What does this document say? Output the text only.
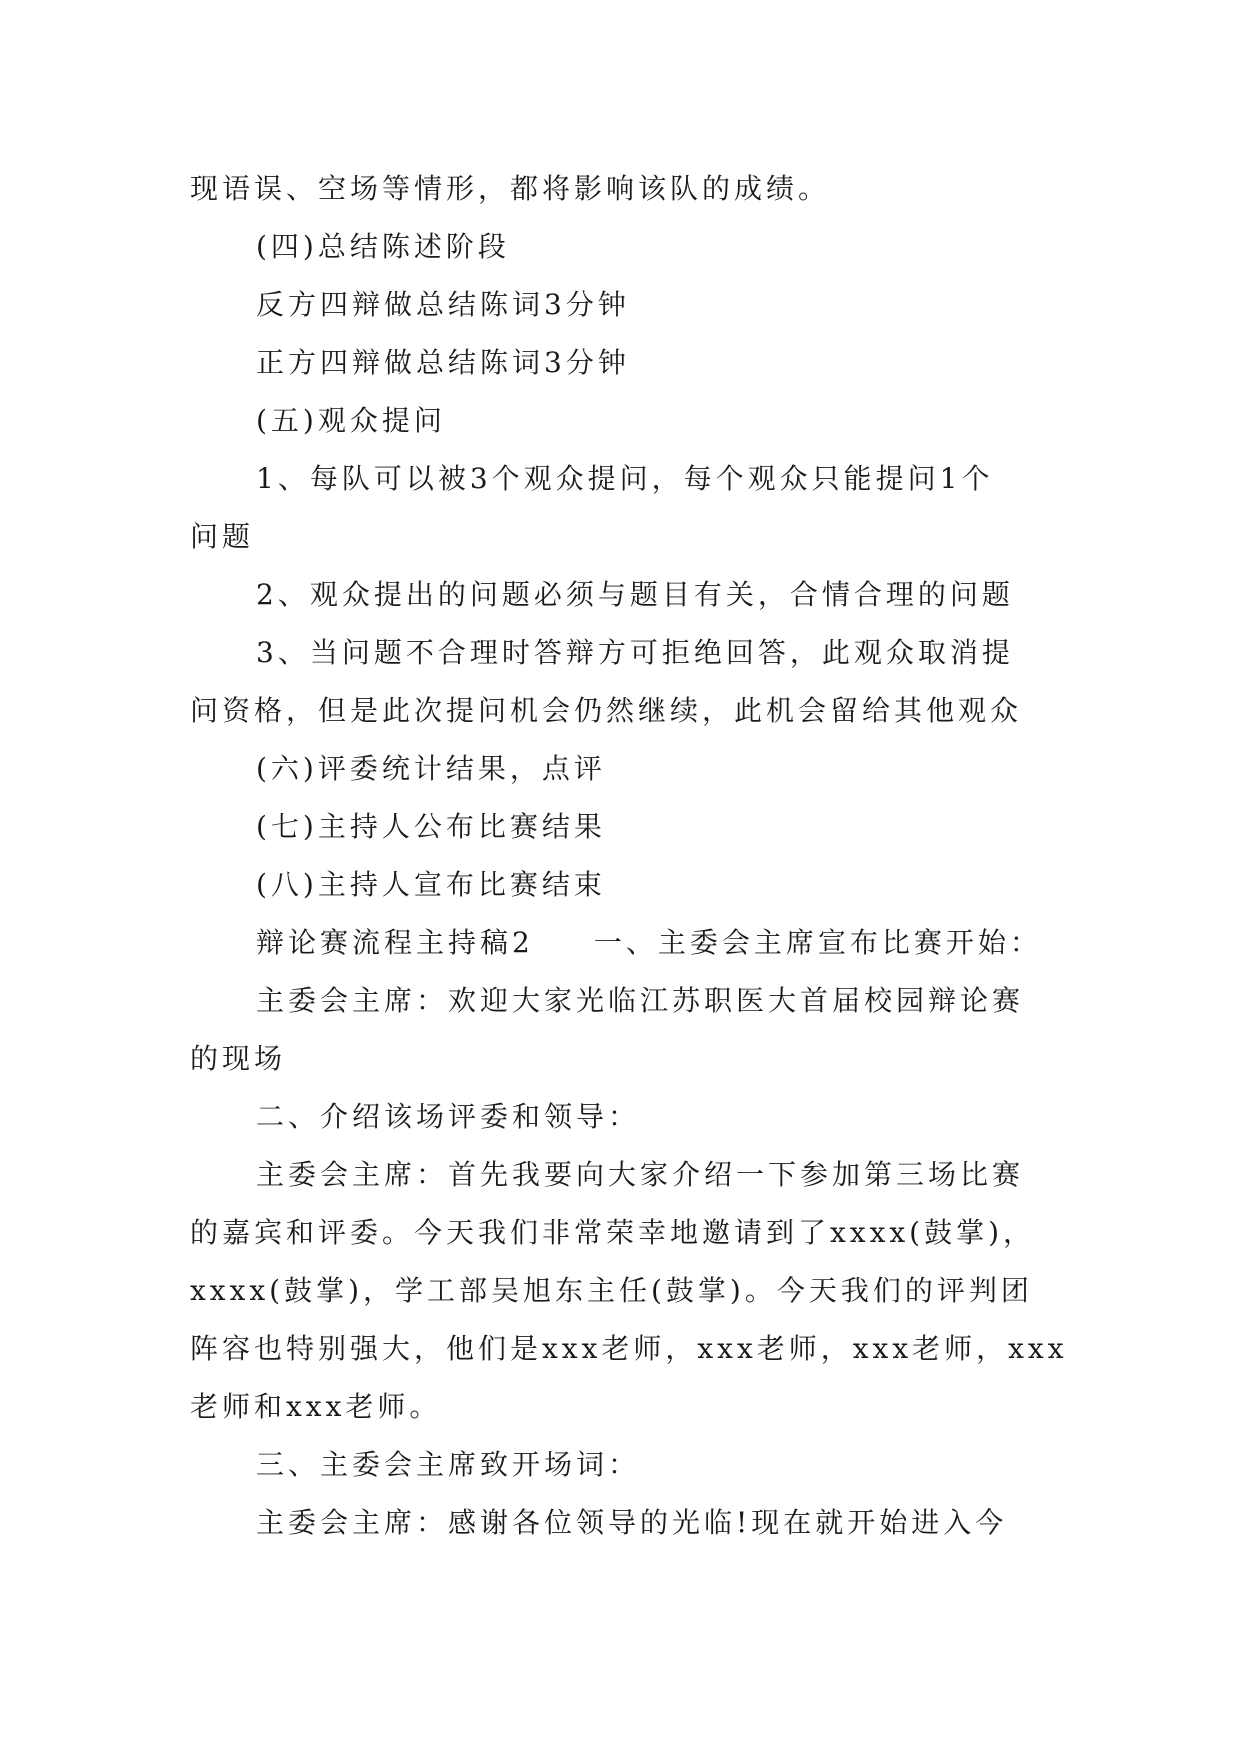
现语误、空场等情形，都将影响该队的成绩。
(四)总结陈述阶段
反方四辩做总结陈词3分钟
正方四辩做总结陈词3分钟
(五)观众提问
1、每队可以被3个观众提问，每个观众只能提问1个
问题
2、观众提出的问题必须与题目有关，合情合理的问题
3、当问题不合理时答辩方可拒绝回答，此观众取消提
问资格，但是此次提问机会仍然继续，此机会留给其他观众
(六)评委统计结果，点评
(七)主持人公布比赛结果
(八)主持人宣布比赛结束
辩论赛流程主持稿2 一、主委会主席宣布比赛开始：
主委会主席：欢迎大家光临江苏职医大首届校园辩论赛
的现场
二、介绍该场评委和领导：
主委会主席：首先我要向大家介绍一下参加第三场比赛
的嘉宾和评委。今天我们非常荣幸地邀请到了xxxx(鼓掌)，
xxxx(鼓掌)，学工部吴旭东主任(鼓掌)。今天我们的评判团
阵容也特别强大，他们是xxx老师，xxx老师，xxx老师，xxx
老师和xxx老师。
三、主委会主席致开场词：
主委会主席：感谢各位领导的光临!现在就开始进入今
